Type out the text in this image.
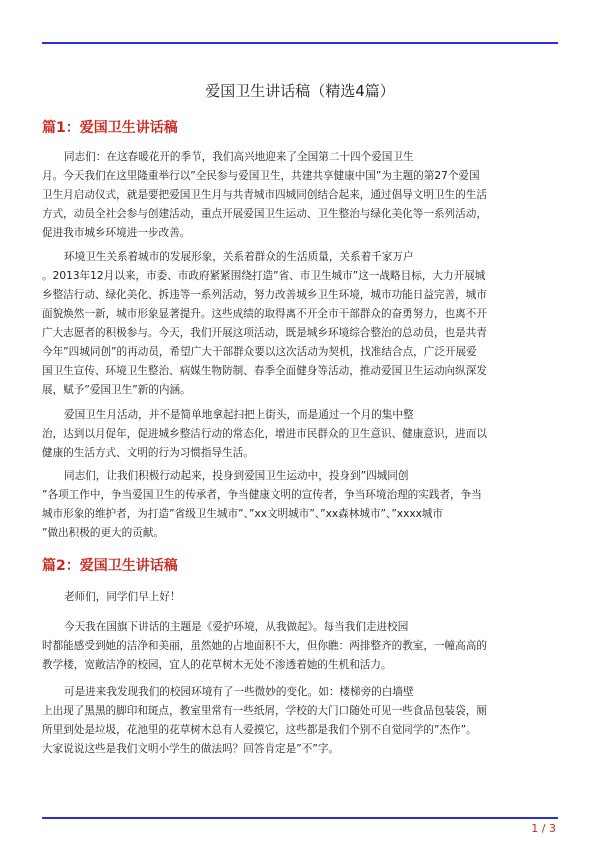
爱国卫生讲话稿（精选4篇）
篇1：爱国卫生讲话稿

同志们：在这春暖花开的季节，我们高兴地迎来了全国第二十四个爱国卫生
月。今天我们在这里隆重举行以”全民参与爱国卫生，共建共享健康中国”为主题的第27个爱国
卫生月启动仪式，就是要把爱国卫生月与共青城市四城同创结合起来，通过倡导文明卫生的生活
方式，动员全社会参与创建活动，重点开展爱国卫生运动、卫生整治与绿化美化等一系列活动，
促进我市城乡环境进一步改善。

环境卫生关系着城市的发展形象，关系着群众的生活质量，关系着千家万户
。2013年12月以来，市委、市政府紧紧围绕打造”省、市卫生城市”这一战略目标，大力开展城
乡整洁行动、绿化美化、拆违等一系列活动，努力改善城乡卫生环境，城市功能日益完善，城市
面貌焕然一新，城市形象显著提升。这些成绩的取得离不开全市干部群众的奋勇努力，也离不开
广大志愿者的积极参与。今天，我们开展这项活动，既是城乡环境综合整治的总动员，也是共青
今年”四城同创”的再动员，希望广大干部群众要以这次活动为契机，找准结合点，广泛开展爱
国卫生宣传、环境卫生整治、病媒生物防制、春季全面健身等活动，推动爱国卫生运动向纵深发
展，赋予”爱国卫生”新的内涵。

爱国卫生月活动，并不是简单地拿起扫把上街头，而是通过一个月的集中整
治，达到以月促年，促进城乡整洁行动的常态化，增进市民群众的卫生意识、健康意识，进而以
健康的生活方式、文明的行为习惯指导生活。

同志们，让我们积极行动起来，投身到爱国卫生运动中，投身到”四城同创
”各项工作中，争当爱国卫生的传承者，争当健康文明的宣传者，争当环境治理的实践者，争当
城市形象的维护者，为打造”省级卫生城市”、”xx文明城市”、”xx森林城市”、”xxxx城市
”做出积极的更大的贡献。

篇2：爱国卫生讲话稿

老师们，同学们早上好！

今天我在国旗下讲话的主题是《爱护环境，从我做起》。每当我们走进校园
时都能感受到她的洁净和美丽，虽然她的占地面积不大，但你瞧：两排整齐的教室，一幢高高的
教学楼，宽敞洁净的校园，宜人的花草树木无处不渗透着她的生机和活力。

可是进来我发现我们的校园环境有了一些微妙的变化。如：楼梯旁的白墙壁
上出现了黑黑的脚印和斑点，教室里常有一些纸屑，学校的大门口随处可见一些食品包装袋，厕
所里到处是垃圾，花池里的花草树木总有人爱摸它，这些都是我们个别不自觉同学的”杰作”。
大家说说这些是我们文明小学生的做法吗？回答肯定是”不”字。

1 / 3
